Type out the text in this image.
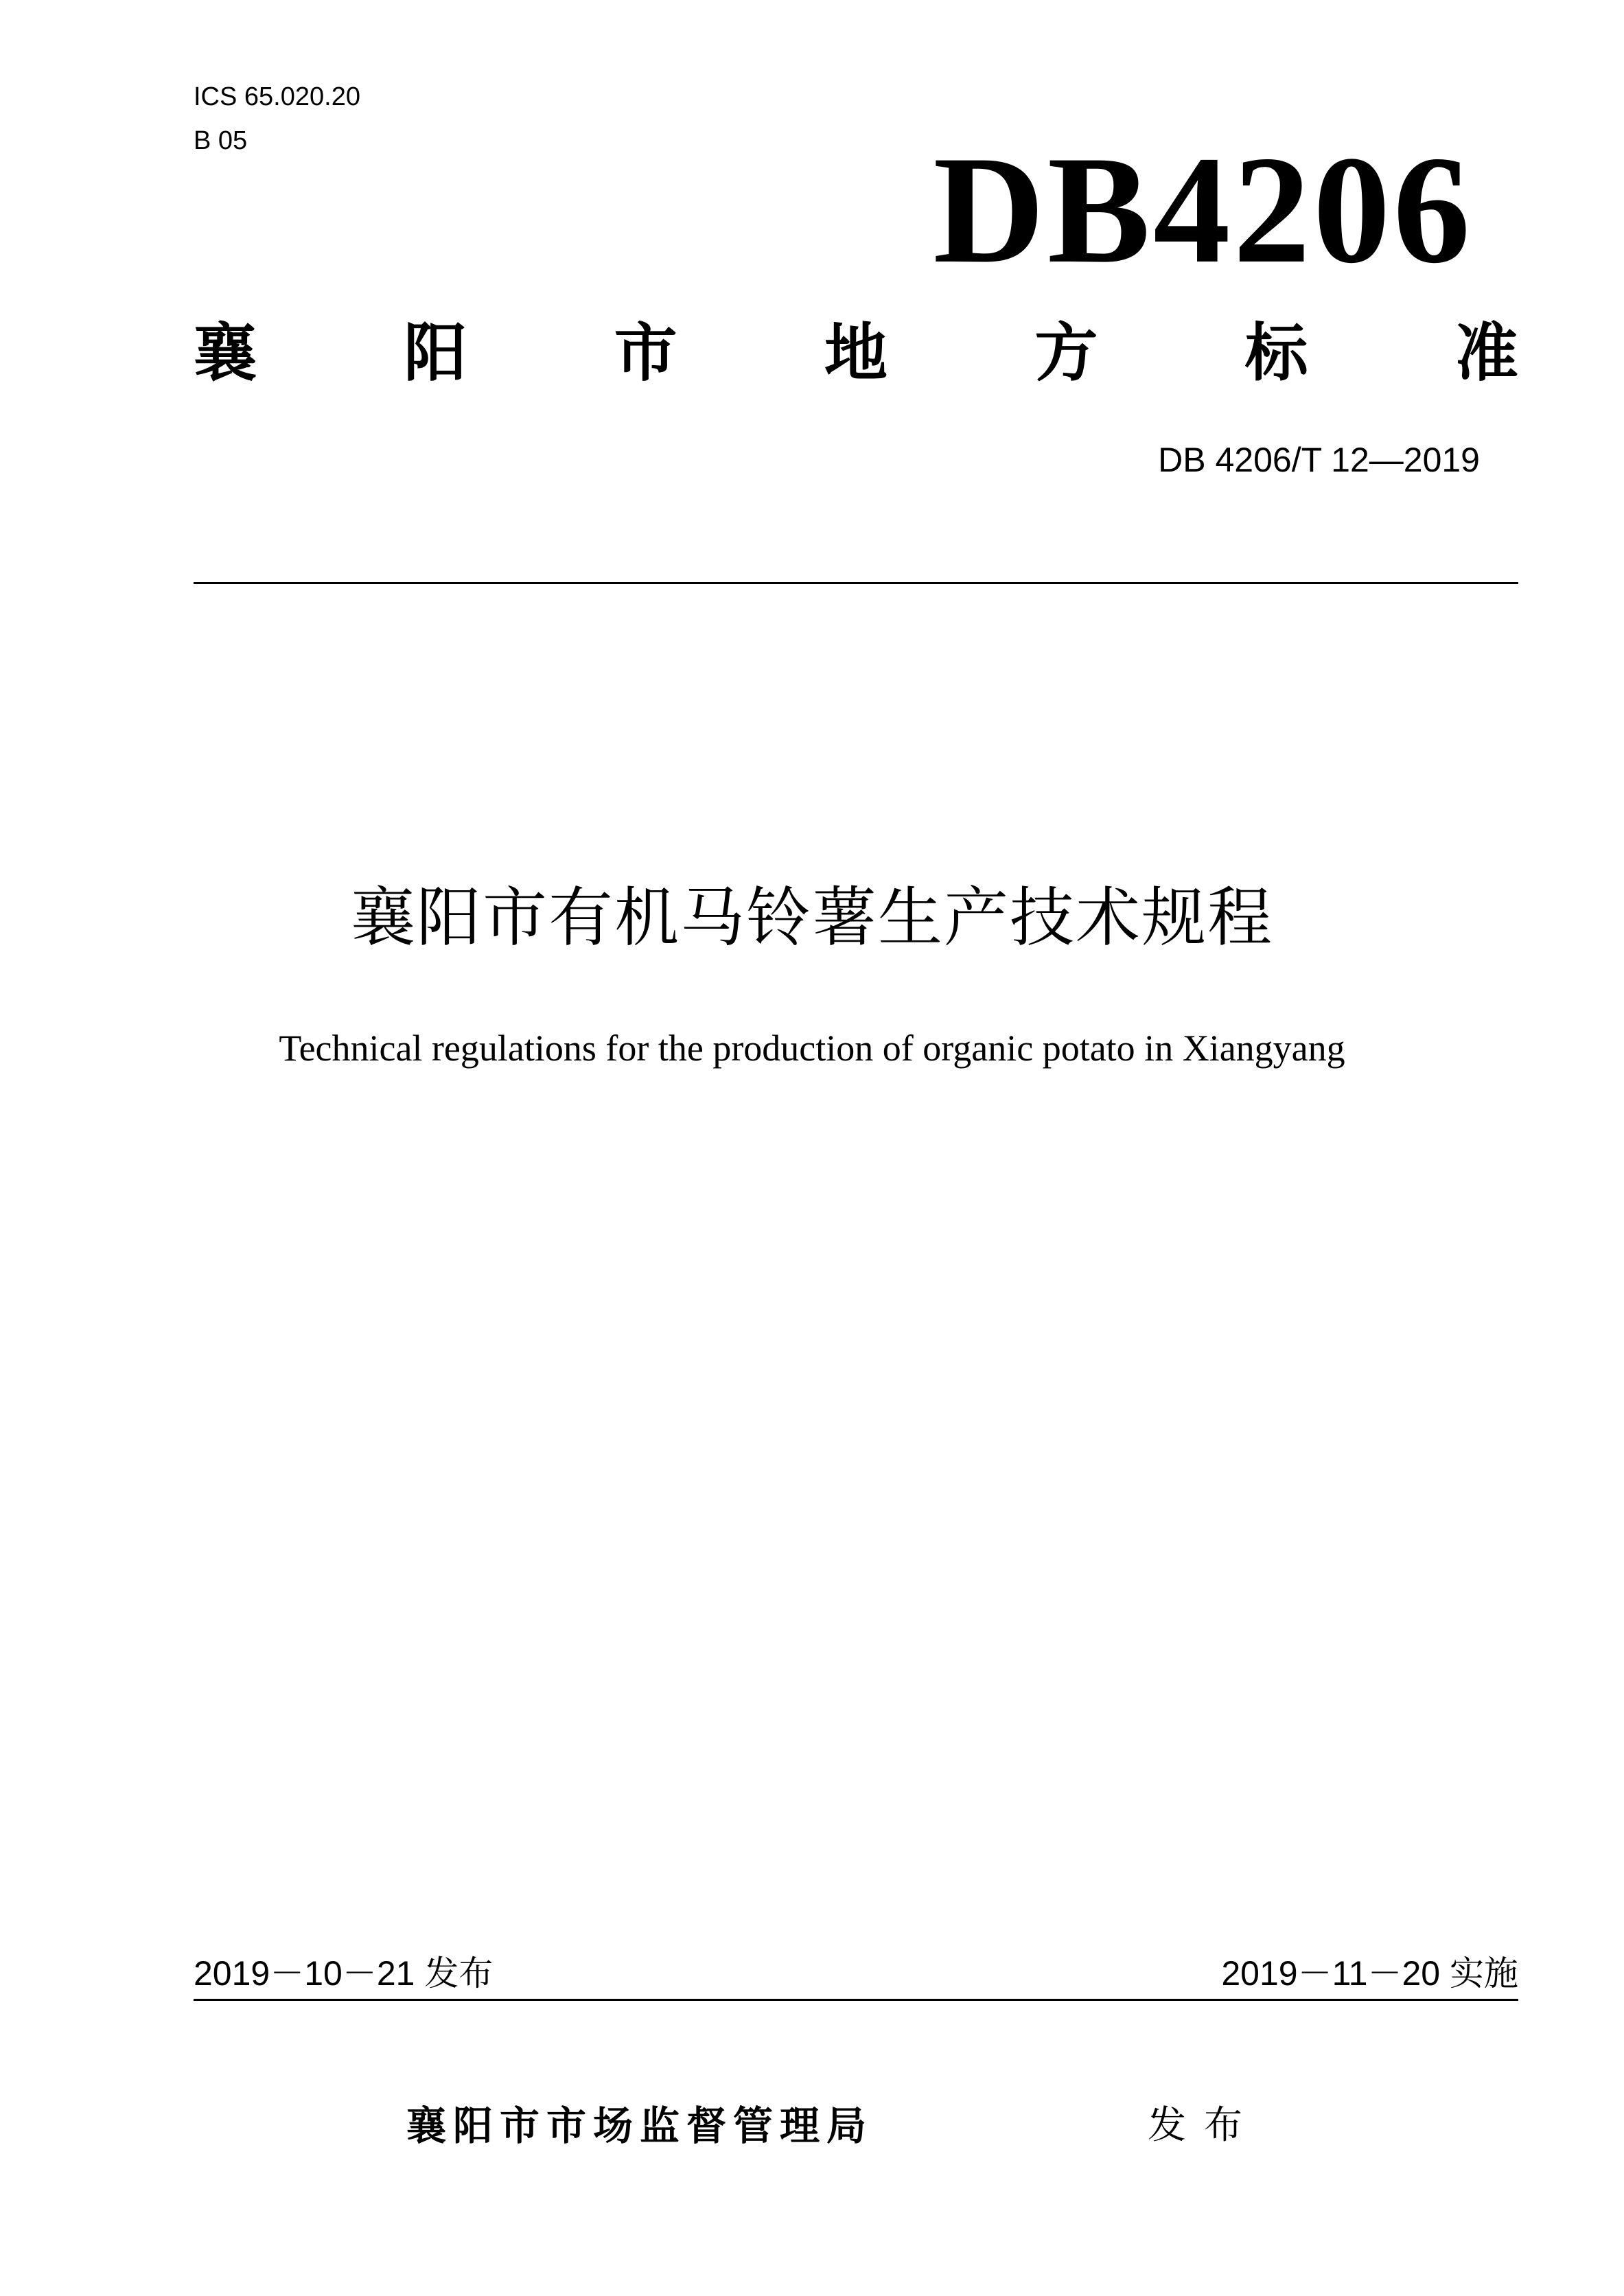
ICS 65.020.20
B 05	DB4206
襄 阳 市 地 方 标 准
DB 4206/T 12—2019
襄阳市有机马铃薯生产技术规程
Technical regulations for the production of organic potato in Xiangyang
2019－10－21 发布	2019－11－20 实施
襄阳市市场监督管理局	发布
